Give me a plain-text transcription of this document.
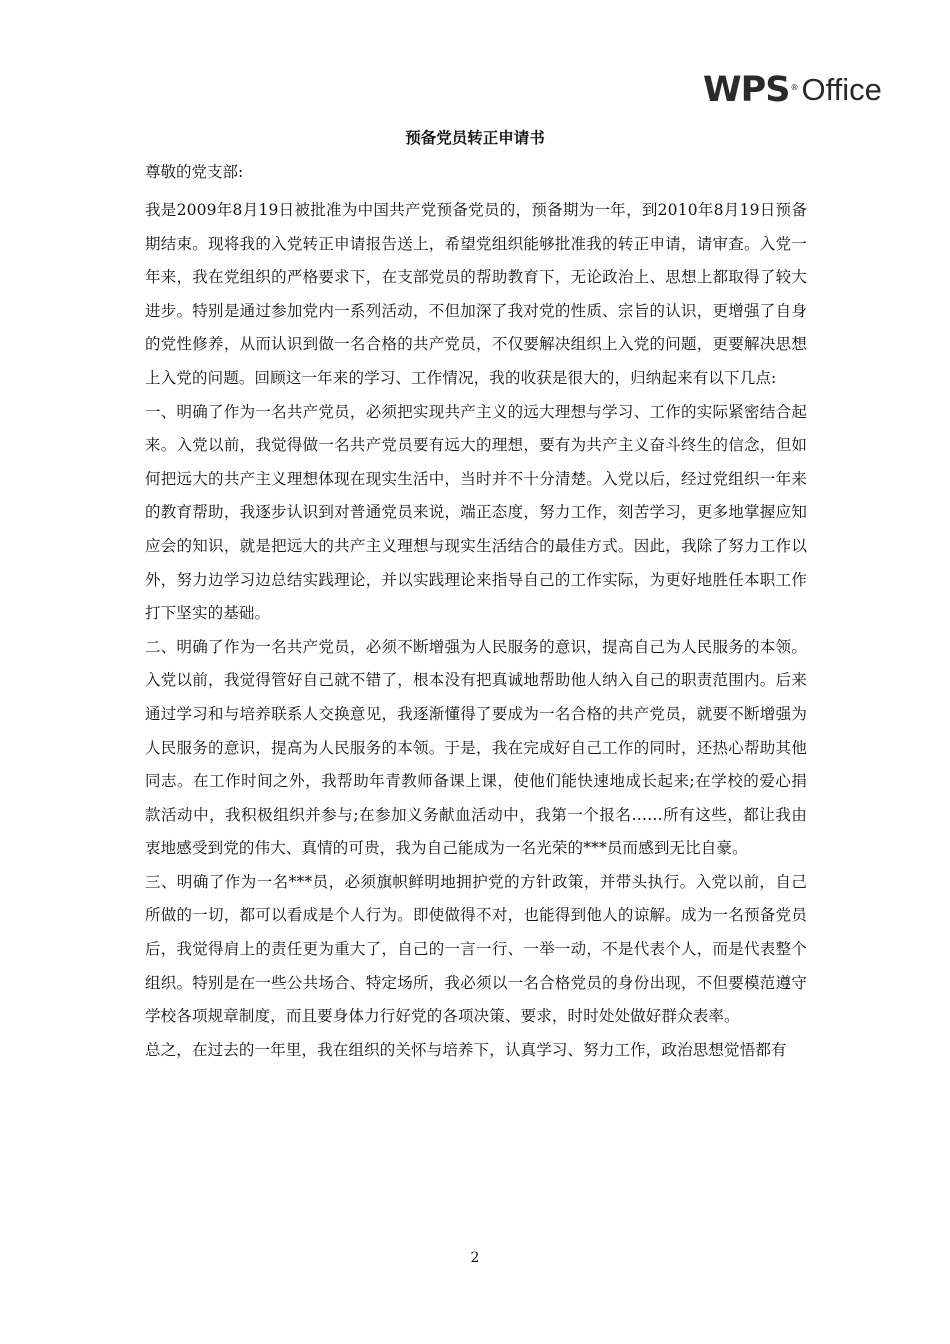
WPS ® Office
预备党员转正申请书

尊敬的党支部:

我是2009年8月19日被批准为中国共产党预备党员的，预备期为一年，到2010年8月19日预备期结束。现将我的入党转正申请报告送上，希望党组织能够批准我的转正申请，请审查。入党一年来，我在党组织的严格要求下，在支部党员的帮助教育下，无论政治上、思想上都取得了较大进步。特别是通过参加党内一系列活动，不但加深了我对党的性质、宗旨的认识，更增强了自身的党性修养，从而认识到做一名合格的共产党员，不仅要解决组织上入党的问题，更要解决思想上入党的问题。回顾这一年来的学习、工作情况，我的收获是很大的，归纳起来有以下几点:

一、明确了作为一名共产党员，必须把实现共产主义的远大理想与学习、工作的实际紧密结合起来。入党以前，我觉得做一名共产党员要有远大的理想，要有为共产主义奋斗终生的信念，但如何把远大的共产主义理想体现在现实生活中，当时并不十分清楚。入党以后，经过党组织一年来的教育帮助，我逐步认识到对普通党员来说，端正态度，努力工作，刻苦学习，更多地掌握应知应会的知识，就是把远大的共产主义理想与现实生活结合的最佳方式。因此，我除了努力工作以外，努力边学习边总结实践理论，并以实践理论来指导自己的工作实际，为更好地胜任本职工作打下坚实的基础。

二、明确了作为一名共产党员，必须不断增强为人民服务的意识，提高自己为人民服务的本领。入党以前，我觉得管好自己就不错了，根本没有把真诚地帮助他人纳入自己的职责范围内。后来通过学习和与培养联系人交换意见，我逐渐懂得了要成为一名合格的共产党员，就要不断增强为人民服务的意识，提高为人民服务的本领。于是，我在完成好自己工作的同时，还热心帮助其他同志。在工作时间之外，我帮助年青教师备课上课，使他们能快速地成长起来;在学校的爱心捐款活动中，我积极组织并参与;在参加义务献血活动中，我第一个报名……所有这些，都让我由衷地感受到党的伟大、真情的可贵，我为自己能成为一名光荣的***员而感到无比自豪。

三、明确了作为一名***员，必须旗帜鲜明地拥护党的方针政策，并带头执行。入党以前，自己所做的一切，都可以看成是个人行为。即使做得不对，也能得到他人的谅解。成为一名预备党员后，我觉得肩上的责任更为重大了，自己的一言一行、一举一动，不是代表个人，而是代表整个组织。特别是在一些公共场合、特定场所，我必须以一名合格党员的身份出现，不但要模范遵守学校各项规章制度，而且要身体力行好党的各项决策、要求，时时处处做好群众表率。

总之，在过去的一年里，我在组织的关怀与培养下，认真学习、努力工作，政治思想觉悟都有

2
